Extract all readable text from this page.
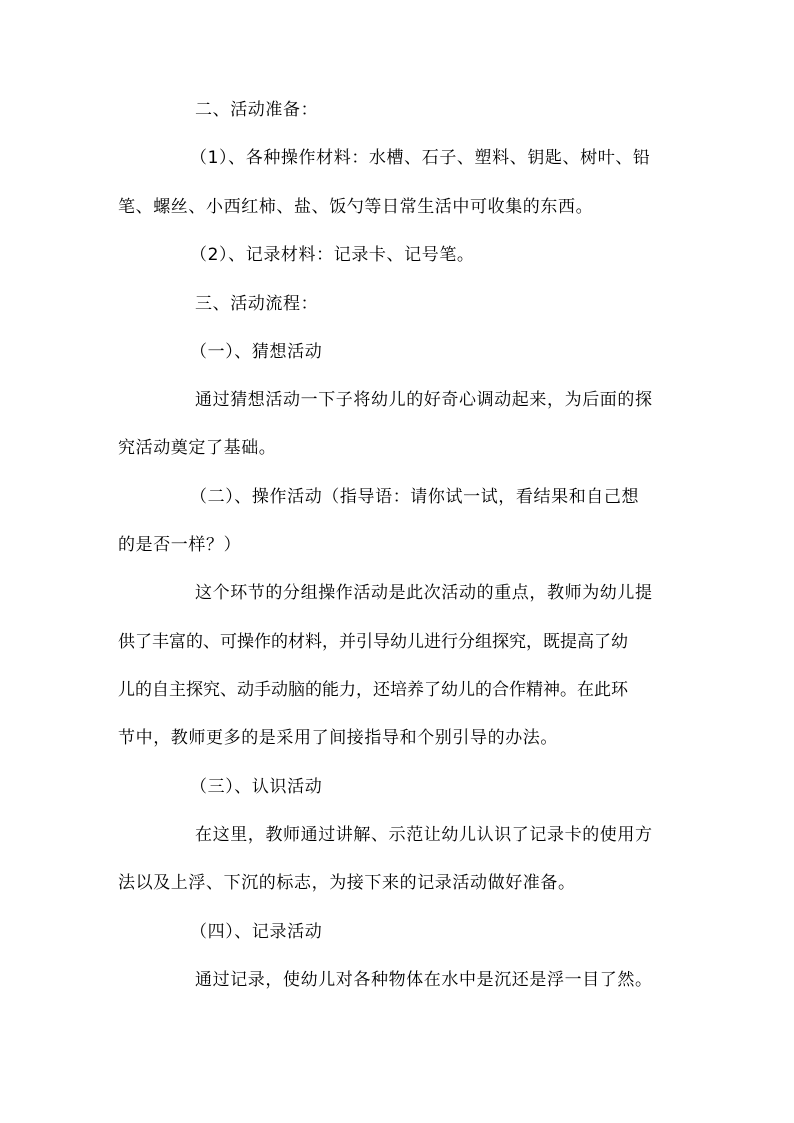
二、活动准备：
（1）、各种操作材料：水槽、石子、塑料、钥匙、树叶、铅
笔、螺丝、小西红柿、盐、饭勺等日常生活中可收集的东西。
（2）、记录材料：记录卡、记号笔。
三、活动流程：
（一）、猜想活动
通过猜想活动一下子将幼儿的好奇心调动起来，为后面的探
究活动奠定了基础。
（二）、操作活动（指导语：请你试一试，看结果和自己想
的是否一样？）
这个环节的分组操作活动是此次活动的重点，教师为幼儿提
供了丰富的、可操作的材料，并引导幼儿进行分组探究，既提高了幼
儿的自主探究、动手动脑的能力，还培养了幼儿的合作精神。在此环
节中，教师更多的是采用了间接指导和个别引导的办法。
（三）、认识活动
在这里，教师通过讲解、示范让幼儿认识了记录卡的使用方
法以及上浮、下沉的标志，为接下来的记录活动做好准备。
（四）、记录活动
通过记录，使幼儿对各种物体在水中是沉还是浮一目了然。
